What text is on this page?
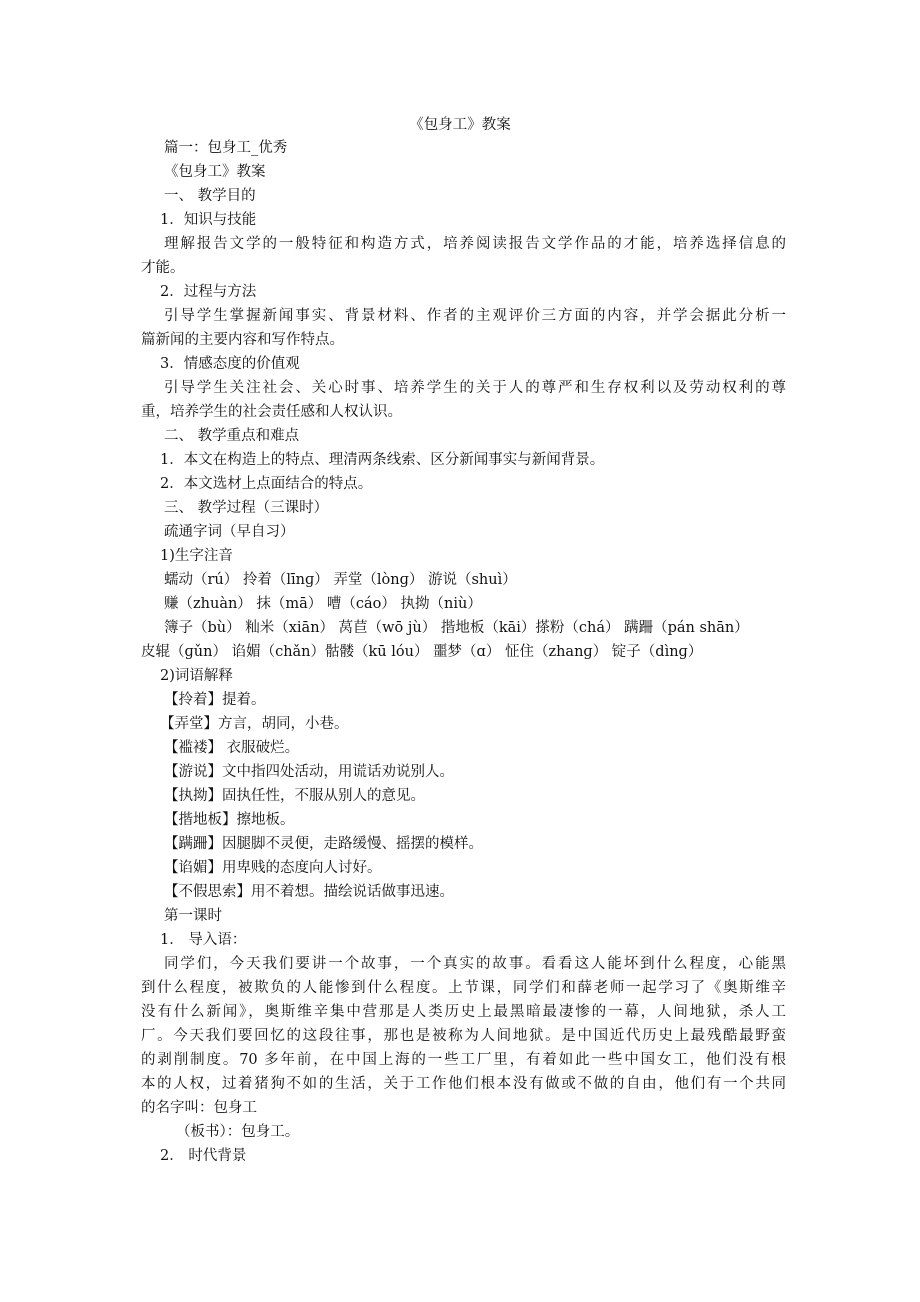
《包身工》教案
篇一：包身工_优秀
《包身工》教案
一、 教学目的
1．知识与技能
理解报告文学的一般特征和构造方式，培养阅读报告文学作品的才能，培养选择信息的
才能。
2．过程与方法
引导学生掌握新闻事实、背景材料、作者的主观评价三方面的内容，并学会据此分析一
篇新闻的主要内容和写作特点。
3．情感态度的价值观
引导学生关注社会、关心时事、培养学生的关于人的尊严和生存权利以及劳动权利的尊
重，培养学生的社会责任感和人权认识。
二、 教学重点和难点
1．本文在构造上的特点、理清两条线索、区分新闻事实与新闻背景。
2．本文选材上点面结合的特点。
三、 教学过程（三课时）
疏通字词（早自习）
1)生字注音
蠕动（rú） 拎着（līnɡ） 弄堂（lònɡ） 游说（shuì）
赚（zhuàn） 抹（mā） 嘈（cáo） 执拗（niù）
簿子（bù） 籼米（xiān） 莴苣（wō jù） 揩地板（kāi）搽粉（chá） 蹒跚（pán shān）
皮辊（ɡǔn） 谄媚（chǎn）骷髅（kū lóu） 噩梦（ɑ） 怔住（zhanɡ） 锭子（dìnɡ）
2)词语解释
【拎着】提着。
【弄堂】方言，胡同，小巷。
【褴褛】 衣服破烂。
【游说】文中指四处活动，用谎话劝说别人。
【执拗】固执任性，不服从别人的意见。
【揩地板】擦地板。
【蹒跚】因腿脚不灵便，走路缓慢、摇摆的模样。
【谄媚】用卑贱的态度向人讨好。
【不假思索】用不着想。描绘说话做事迅速。
第一课时
1． 导入语：
同学们，今天我们要讲一个故事，一个真实的故事。看看这人能坏到什么程度，心能黑
到什么程度，被欺负的人能惨到什么程度。上节课，同学们和薛老师一起学习了《奥斯维辛
没有什么新闻》，奥斯维辛集中营那是人类历史上最黑暗最凄惨的一幕，人间地狱，杀人工
厂。今天我们要回忆的这段往事，那也是被称为人间地狱。是中国近代历史上最残酷最野蛮
的剥削制度。70 多年前，在中国上海的一些工厂里，有着如此一些中国女工，他们没有根
本的人权，过着猪狗不如的生活，关于工作他们根本没有做或不做的自由，他们有一个共同
的名字叫：包身工
（板书）：包身工。
2． 时代背景
